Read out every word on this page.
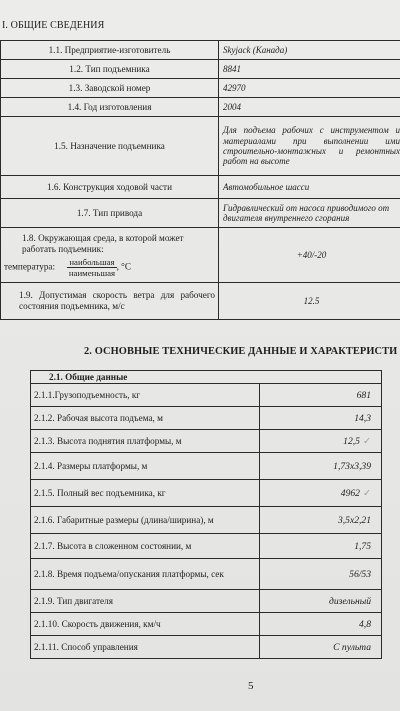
I. ОБЩИЕ СВЕДЕНИЯ
1.1. Предприятие-изготовитель	Skyjack (Канада)
1.2. Тип подъемника	8841
1.3. Заводской номер	42970
1.4. Год изготовления	2004
1.5. Назначение подъемника	Для подъема рабочих с инструментом и материалами при выполнении ими строительно-монтажных и ремонтных работ на высоте
1.6. Конструкция ходовой части	Автомобильное шасси
1.7. Тип привода	Гидравлический от насоса приводимого от двигателя внутреннего сгорания

1.8. Окружающая среда, в которой может работать подъемник:
температура: $\frac{\text{наибольшая}}{\text{наименьшая}}$, °С	+40/-20
1.9. Допустимая скорость ветра для рабочего состояния подъемника, м/с	12.5
2. ОСНОВНЫЕ ТЕХНИЧЕСКИЕ ДАННЫЕ И ХАРАКТЕРИСТИ
2.1. Общие данные	
2.1.1.Грузоподъемность, кг	681
2.1.2. Рабочая высота подъема, м	14,3
2.1.3. Высота поднятия платформы, м	12,5 ✓
2.1.4. Размеры платформы, м	1,73x3,39
2.1.5. Полный вес подъемника, кг	4962 ✓
2.1.6. Габаритные размеры (длина/ширина), м	3,5x2,21
2.1.7. Высота в сложенном состоянии, м	1,75
2.1.8. Время подъема/опускания платформы, сек	56/53
2.1.9. Тип двигателя	дизельный
2.1.10. Скорость движения, км/ч	4,8
2.1.11. Способ управления	С пульта
5
